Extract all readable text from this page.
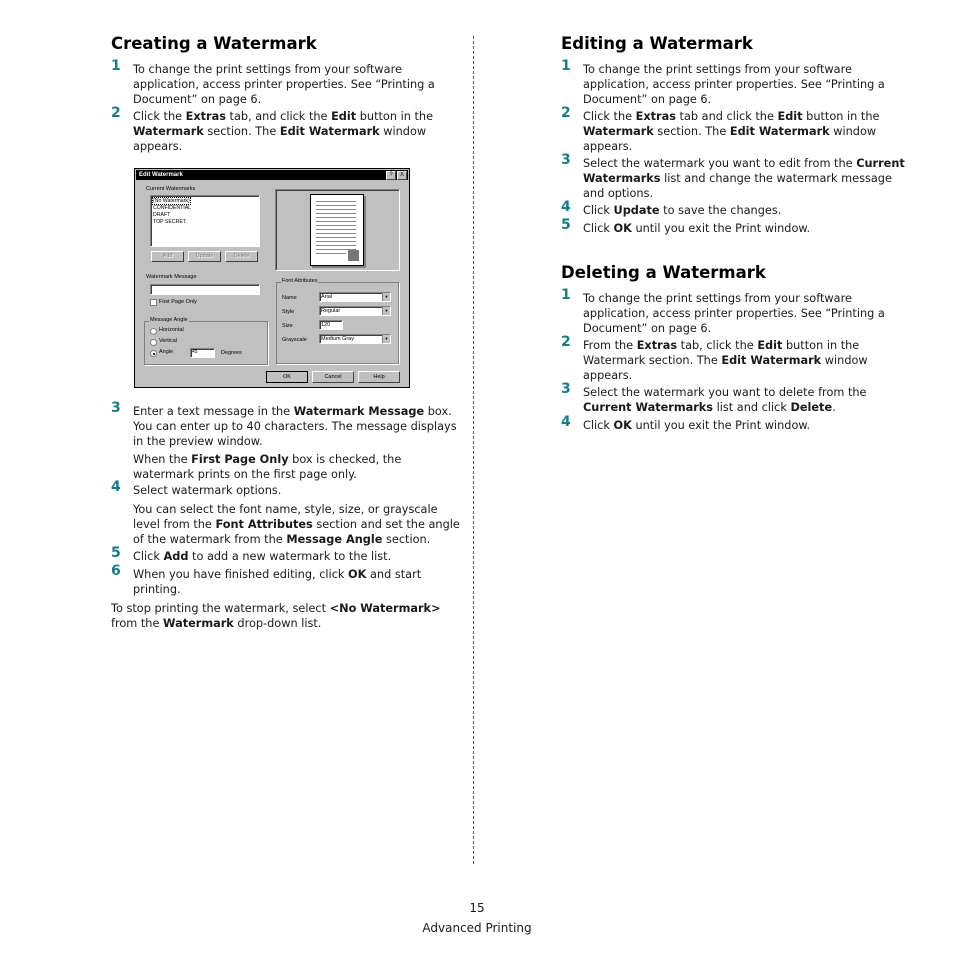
Creating a Watermark
1 To change the print settings from your software application, access printer properties. See “Printing a Document” on page 6.
2 Click the Extras tab, and click the Edit button in the Watermark section. The Edit Watermark window appears.
3 Enter a text message in the Watermark Message box. You can enter up to 40 characters. The message displays in the preview window.
When the First Page Only box is checked, the watermark prints on the first page only.
4 Select watermark options.
You can select the font name, style, size, or grayscale level from the Font Attributes section and set the angle of the watermark from the Message Angle section.
5 Click Add to add a new watermark to the list.
6 When you have finished editing, click OK and start printing.
To stop printing the watermark, select <No Watermark> from the Watermark drop-down list.
Edit Watermark	?	X
Current Watermarks
(No Watermark)
CONFIDENTIAL
DRAFT
TOP SECRET
Add	Update	Delete
Watermark Message
First Page Only
Message Angle
Horizontal
Vertical
Angle	45	Degrees
Font Attributes
Name	Arial	▼
Style	Regular	▼
Size	120
Grayscale	Medium Gray	▼
OK	Cancel	Help
Editing a Watermark
1 To change the print settings from your software application, access printer properties. See “Printing a Document” on page 6.
2 Click the Extras tab and click the Edit button in the Watermark section. The Edit Watermark window appears.
3 Select the watermark you want to edit from the Current Watermarks list and change the watermark message and options.
4 Click Update to save the changes.
5 Click OK until you exit the Print window.
Deleting a Watermark
1 To change the print settings from your software application, access printer properties. See “Printing a Document” on page 6.
2 From the Extras tab, click the Edit button in the Watermark section. The Edit Watermark window appears.
3 Select the watermark you want to delete from the Current Watermarks list and click Delete.
4 Click OK until you exit the Print window.
15
Advanced Printing
